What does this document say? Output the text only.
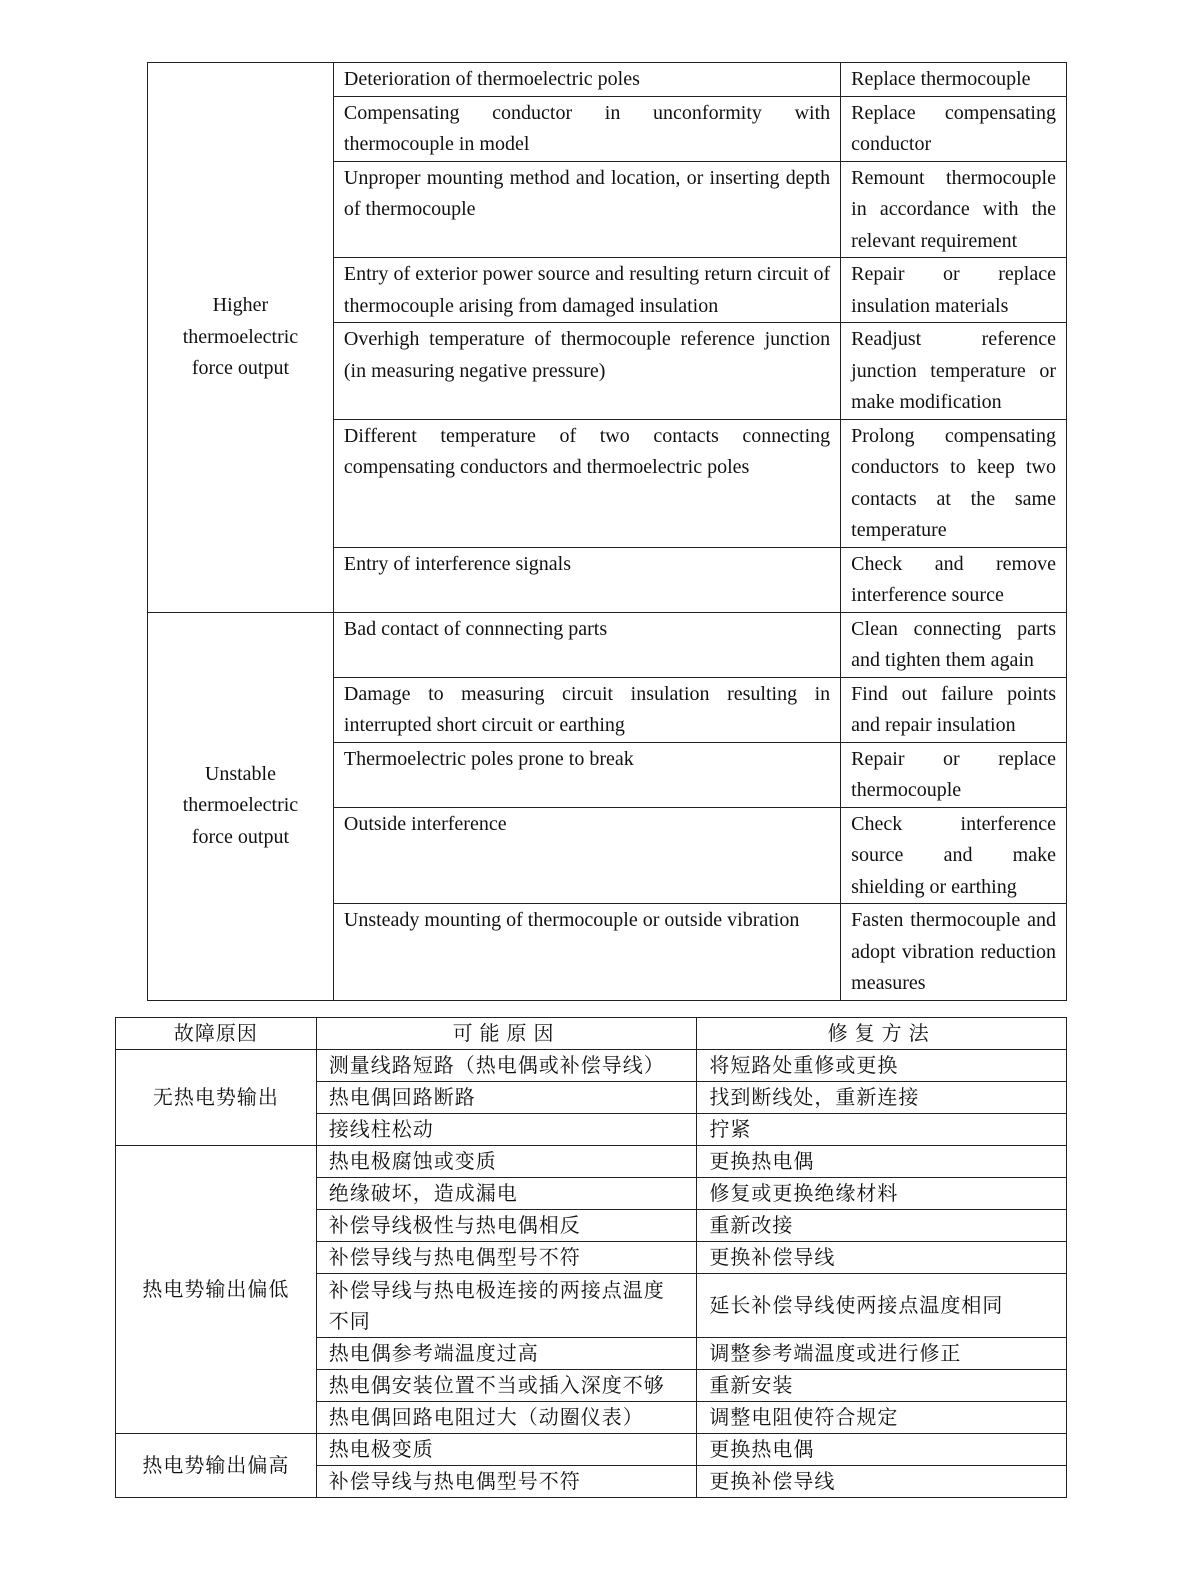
Higher thermoelectric force output	Deterioration of thermoelectric poles	Replace thermocouple
	Compensating conductor in unconformity with thermocouple in model	Replace compensating conductor
	Unproper mounting method and location, or inserting depth of thermocouple	Remount thermocouple in accordance with the relevant requirement
	Entry of exterior power source and resulting return circuit of thermocouple arising from damaged insulation	Repair or replace insulation materials
	Overhigh temperature of thermocouple reference junction (in measuring negative pressure)	Readjust reference junction temperature or make modification
	Different temperature of two contacts connecting compensating conductors and thermoelectric poles	Prolong compensating conductors to keep two contacts at the same temperature
	Entry of interference signals	Check and remove interference source
Unstable thermoelectric force output	Bad contact of connnecting parts	Clean connecting parts and tighten them again
	Damage to measuring circuit insulation resulting in interrupted short circuit or earthing	Find out failure points and repair insulation
	Thermoelectric poles prone to break	Repair or replace thermocouple
	Outside interference	Check interference source and make shielding or earthing
	Unsteady mounting of thermocouple or outside vibration	Fasten thermocouple and adopt vibration reduction measures
故障原因	可能原因	修复方法
无热电势输出	测量线路短路（热电偶或补偿导线）	将短路处重修或更换
	热电偶回路断路	找到断线处，重新连接
	接线柱松动	拧紧
热电势输出偏低	热电极腐蚀或变质	更换热电偶
	绝缘破坏，造成漏电	修复或更换绝缘材料
	补偿导线极性与热电偶相反	重新改接
	补偿导线与热电偶型号不符	更换补偿导线
	补偿导线与热电极连接的两接点温度不同	延长补偿导线使两接点温度相同
	热电偶参考端温度过高	调整参考端温度或进行修正
	热电偶安装位置不当或插入深度不够	重新安装
	热电偶回路电阻过大（动圈仪表）	调整电阻使符合规定
热电势输出偏高	热电极变质	更换热电偶
	补偿导线与热电偶型号不符	更换补偿导线
